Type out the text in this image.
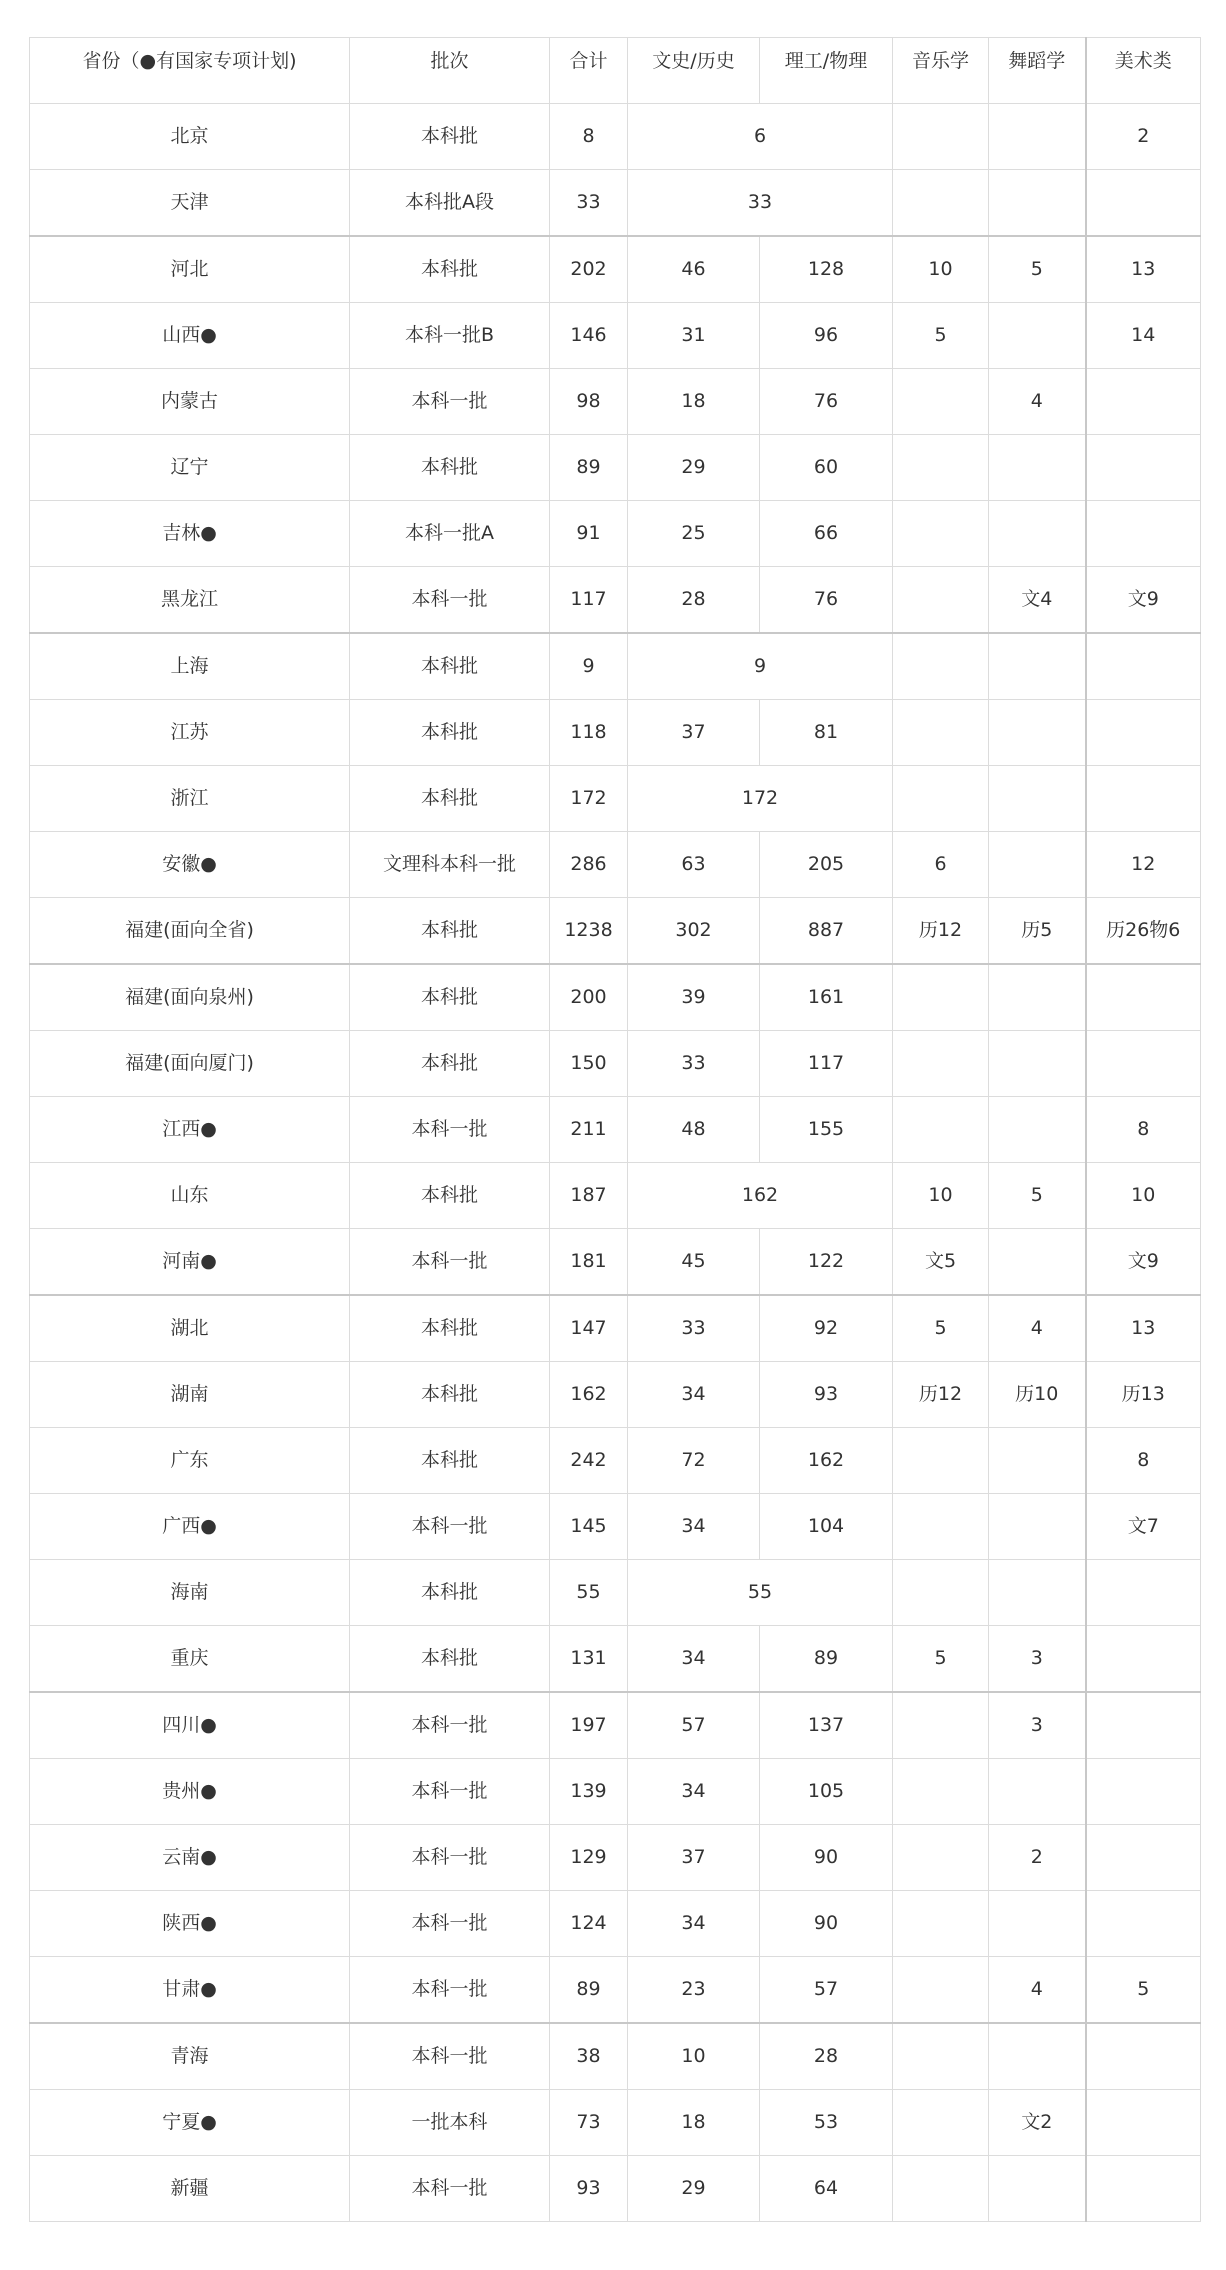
省份（●有国家专项计划)	批次	合计	文史/历史	理工/物理	音乐学	舞蹈学	美术类
北京	本科批	8	6				2
天津	本科批A段	33	33				
河北	本科批	202	46	128	10	5	13
山西●	本科一批B	146	31	96	5		14
内蒙古	本科一批	98	18	76		4	
辽宁	本科批	89	29	60			
吉林●	本科一批A	91	25	66			
黑龙江	本科一批	117	28	76		文4	文9
上海	本科批	9	9				
江苏	本科批	118	37	81			
浙江	本科批	172	172				
安徽●	文理科本科一批	286	63	205	6		12
福建(面向全省)	本科批	1238	302	887	历12	历5	历26物6
福建(面向泉州)	本科批	200	39	161			
福建(面向厦门)	本科批	150	33	117			
江西●	本科一批	211	48	155			8
山东	本科批	187	162		10	5	10
河南●	本科一批	181	45	122	文5		文9
湖北	本科批	147	33	92	5	4	13
湖南	本科批	162	34	93	历12	历10	历13
广东	本科批	242	72	162			8
广西●	本科一批	145	34	104			文7
海南	本科批	55	55				
重庆	本科批	131	34	89	5	3	
四川●	本科一批	197	57	137		3	
贵州●	本科一批	139	34	105			
云南●	本科一批	129	37	90		2	
陕西●	本科一批	124	34	90			
甘肃●	本科一批	89	23	57		4	5
青海	本科一批	38	10	28			
宁夏●	一批本科	73	18	53		文2	
新疆	本科一批	93	29	64			
